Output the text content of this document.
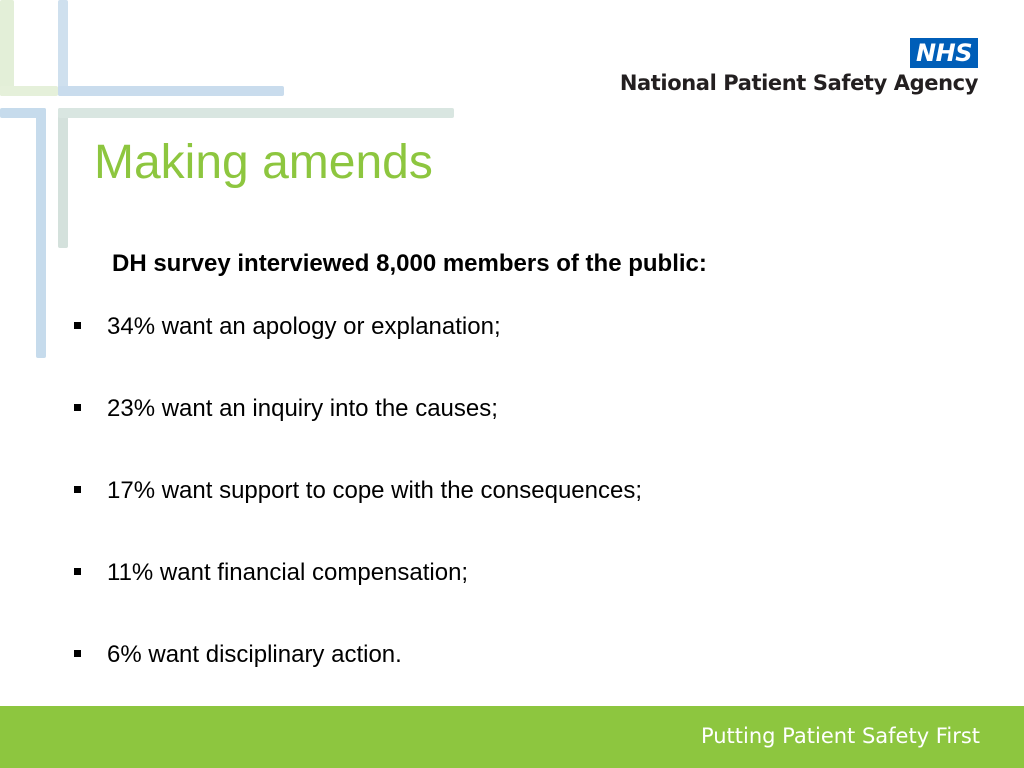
NHS
National Patient Safety Agency
Making amends

DH survey interviewed 8,000 members of the public:

34% want an apology or explanation;
23% want an inquiry into the causes;
17% want support to cope with the consequences;
11% want financial compensation;
6% want disciplinary action.
Putting Patient Safety First
